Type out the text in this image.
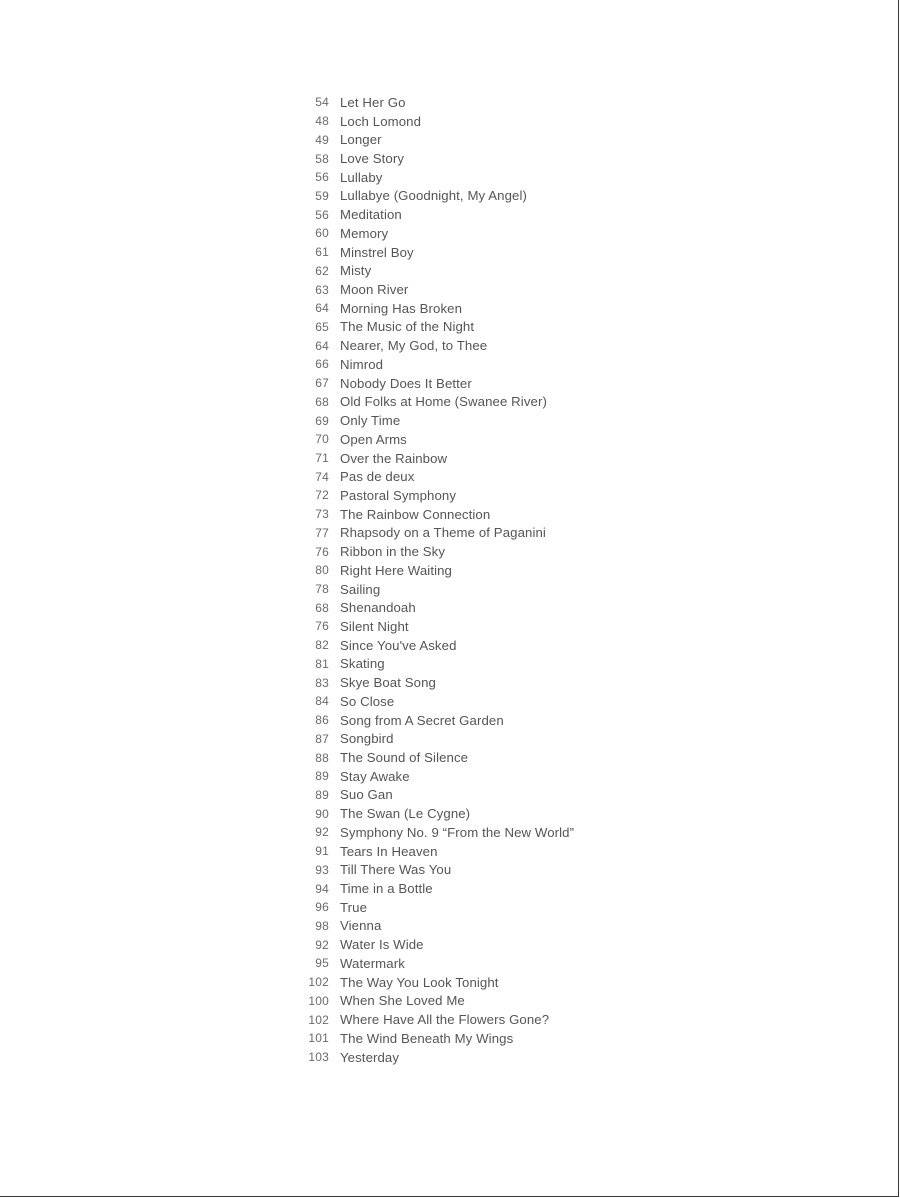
54 Let Her Go
48 Loch Lomond
49 Longer
58 Love Story
56 Lullaby
59 Lullabye (Goodnight, My Angel)
56 Meditation
60 Memory
61 Minstrel Boy
62 Misty
63 Moon River
64 Morning Has Broken
65 The Music of the Night
64 Nearer, My God, to Thee
66 Nimrod
67 Nobody Does It Better
68 Old Folks at Home (Swanee River)
69 Only Time
70 Open Arms
71 Over the Rainbow
74 Pas de deux
72 Pastoral Symphony
73 The Rainbow Connection
77 Rhapsody on a Theme of Paganini
76 Ribbon in the Sky
80 Right Here Waiting
78 Sailing
68 Shenandoah
76 Silent Night
82 Since You've Asked
81 Skating
83 Skye Boat Song
84 So Close
86 Song from A Secret Garden
87 Songbird
88 The Sound of Silence
89 Stay Awake
89 Suo Gan
90 The Swan (Le Cygne)
92 Symphony No. 9 “From the New World”
91 Tears In Heaven
93 Till There Was You
94 Time in a Bottle
96 True
98 Vienna
92 Water Is Wide
95 Watermark
102 The Way You Look Tonight
100 When She Loved Me
102 Where Have All the Flowers Gone?
101 The Wind Beneath My Wings
103 Yesterday
